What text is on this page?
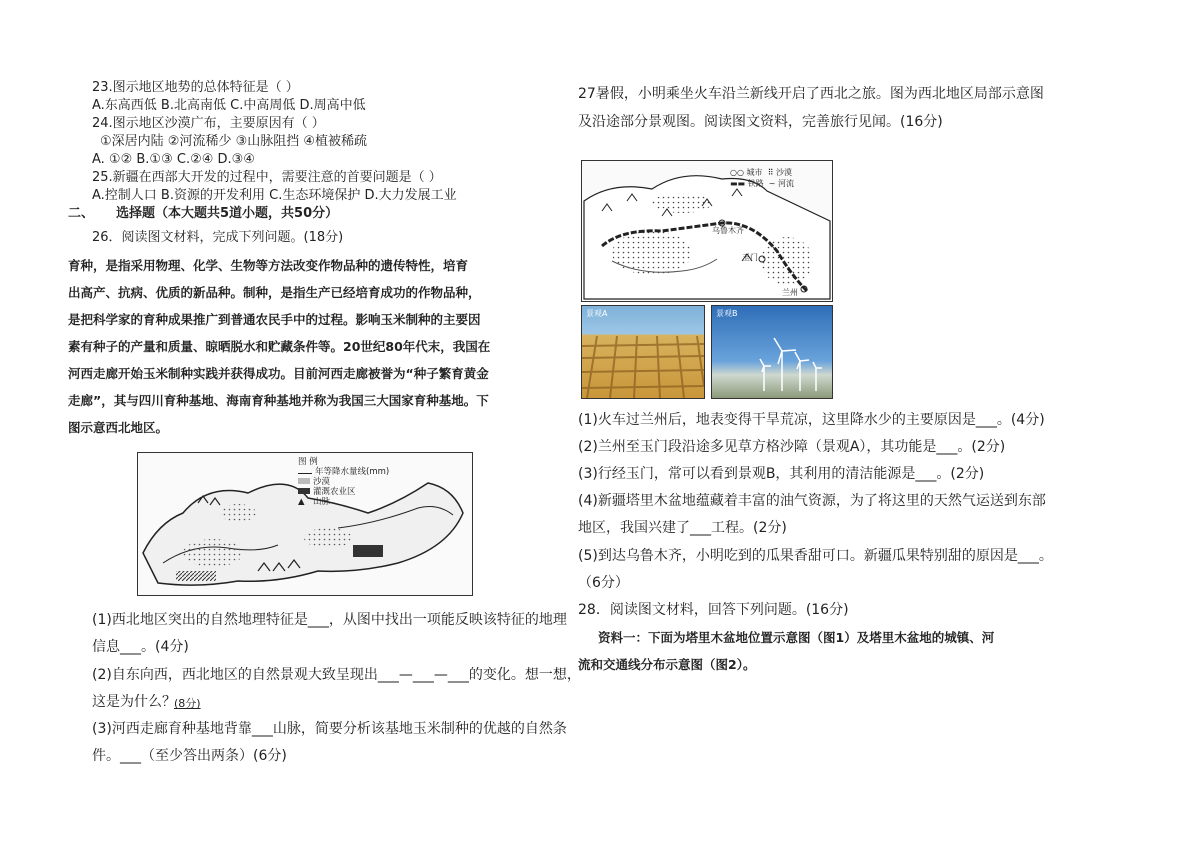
23.图示地区地势的总体特征是（ ）
A.东高西低 B.北高南低 C.中高周低 D.周高中低
24.图示地区沙漠广布，主要原因有（ ）
①深居内陆 ②河流稀少 ③山脉阻挡 ④植被稀疏
A. ①② B.①③ C.②④ D.③④
25.新疆在西部大开发的过程中，需要注意的首要问题是（ ）
A.控制人口 B.资源的开发利用 C.生态环境保护 D.大力发展工业
二、 选择题（本大题共5道小题，共50分）
26．阅读图文材料，完成下列问题。(18分)
育种，是指采用物理、化学、生物等方法改变作物品种的遗传特性，培育
出高产、抗病、优质的新品种。制种，是指生产已经培育成功的作物品种，
是把科学家的育种成果推广到普通农民手中的过程。影响玉米制种的主要因
素有种子的产量和质量、晾晒脱水和贮藏条件等。20世纪80年代末，我国在
河西走廊开始玉米制种实践并获得成功。目前河西走廊被誉为“种子繁育黄金
走廊”，其与四川育种基地、海南育种基地并称为我国三大国家育种基地。下
图示意西北地区。
图 例
年等降水量线(mm)
沙漠
灌溉农业区
▲ 山脉
(1)西北地区突出的自然地理特征是___，从图中找出一项能反映该特征的地理
信息___。(4分)
(2)自东向西，西北地区的自然景观大致呈现出___—___—___的变化。想一想，
这是为什么？
(8分)
(3)河西走廊育种基地背靠___山脉，简要分析该基地玉米制种的优越的自然条
件。___（至少答出两条）(6分)
27暑假，小明乘坐火车沿兰新线开启了西北之旅。图为西北地区局部示意图
及沿途部分景观图。阅读图文资料，完善旅行见闻。(16分)
○○ 城市 ⠿ 沙漠
▬▬ 铁路 ~ 河流
乌鲁木齐
玉门
兰州
景观A	景观B
(1)火车过兰州后，地表变得干旱荒凉，这里降水少的主要原因是___。(4分)
(2)兰州至玉门段沿途多见草方格沙障（景观A），其功能是___。(2分)
(3)行经玉门，常可以看到景观B，其利用的清洁能源是___。(2分)
(4)新疆塔里木盆地蕴藏着丰富的油气资源，为了将这里的天然气运送到东部
地区，我国兴建了___工程。(2分)
(5)到达乌鲁木齐，小明吃到的瓜果香甜可口。新疆瓜果特别甜的原因是___。
（6分）
28．阅读图文材料，回答下列问题。(16分)
资料一：下面为塔里木盆地位置示意图（图1）及塔里木盆地的城镇、河
流和交通线分布示意图（图2）。
